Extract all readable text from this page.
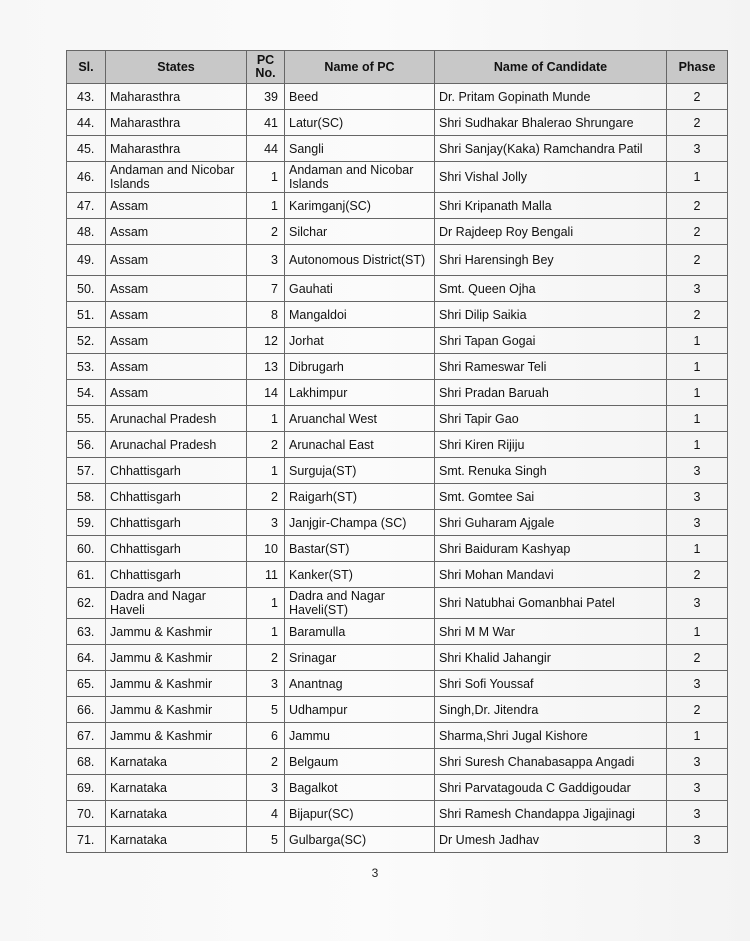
Sl.	States	PC No.	Name of PC	Name of Candidate	Phase
43.	Maharasthra	39	Beed	Dr. Pritam Gopinath Munde	2
44.	Maharasthra	41	Latur(SC)	Shri Sudhakar Bhalerao Shrungare	2
45.	Maharasthra	44	Sangli	Shri Sanjay(Kaka) Ramchandra Patil	3
46.	Andaman and Nicobar Islands	1	Andaman and Nicobar Islands	Shri Vishal Jolly	1
47.	Assam	1	Karimganj(SC)	Shri Kripanath Malla	2
48.	Assam	2	Silchar	Dr Rajdeep Roy Bengali	2
49.	Assam	3	Autonomous District(ST)	Shri Harensingh Bey	2
50.	Assam	7	Gauhati	Smt. Queen Ojha	3
51.	Assam	8	Mangaldoi	Shri Dilip Saikia	2
52.	Assam	12	Jorhat	Shri Tapan Gogai	1
53.	Assam	13	Dibrugarh	Shri Rameswar Teli	1
54.	Assam	14	Lakhimpur	Shri Pradan Baruah	1
55.	Arunachal Pradesh	1	Aruanchal West	Shri Tapir Gao	1
56.	Arunachal Pradesh	2	Arunachal East	Shri Kiren Rijiju	1
57.	Chhattisgarh	1	Surguja(ST)	Smt. Renuka Singh	3
58.	Chhattisgarh	2	Raigarh(ST)	Smt. Gomtee Sai	3
59.	Chhattisgarh	3	Janjgir-Champa (SC)	Shri Guharam Ajgale	3
60.	Chhattisgarh	10	Bastar(ST)	Shri Baiduram Kashyap	1
61.	Chhattisgarh	11	Kanker(ST)	Shri Mohan Mandavi	2
62.	Dadra and Nagar Haveli	1	Dadra and Nagar Haveli(ST)	Shri Natubhai Gomanbhai Patel	3
63.	Jammu & Kashmir	1	Baramulla	Shri M M War	1
64.	Jammu & Kashmir	2	Srinagar	Shri Khalid Jahangir	2
65.	Jammu & Kashmir	3	Anantnag	Shri Sofi Youssaf	3
66.	Jammu & Kashmir	5	Udhampur	Singh,Dr. Jitendra	2
67.	Jammu & Kashmir	6	Jammu	Sharma,Shri Jugal Kishore	1
68.	Karnataka	2	Belgaum	Shri Suresh Chanabasappa Angadi	3
69.	Karnataka	3	Bagalkot	Shri Parvatagouda C Gaddigoudar	3
70.	Karnataka	4	Bijapur(SC)	Shri Ramesh Chandappa Jigajinagi	3
71.	Karnataka	5	Gulbarga(SC)	Dr Umesh Jadhav	3
3
